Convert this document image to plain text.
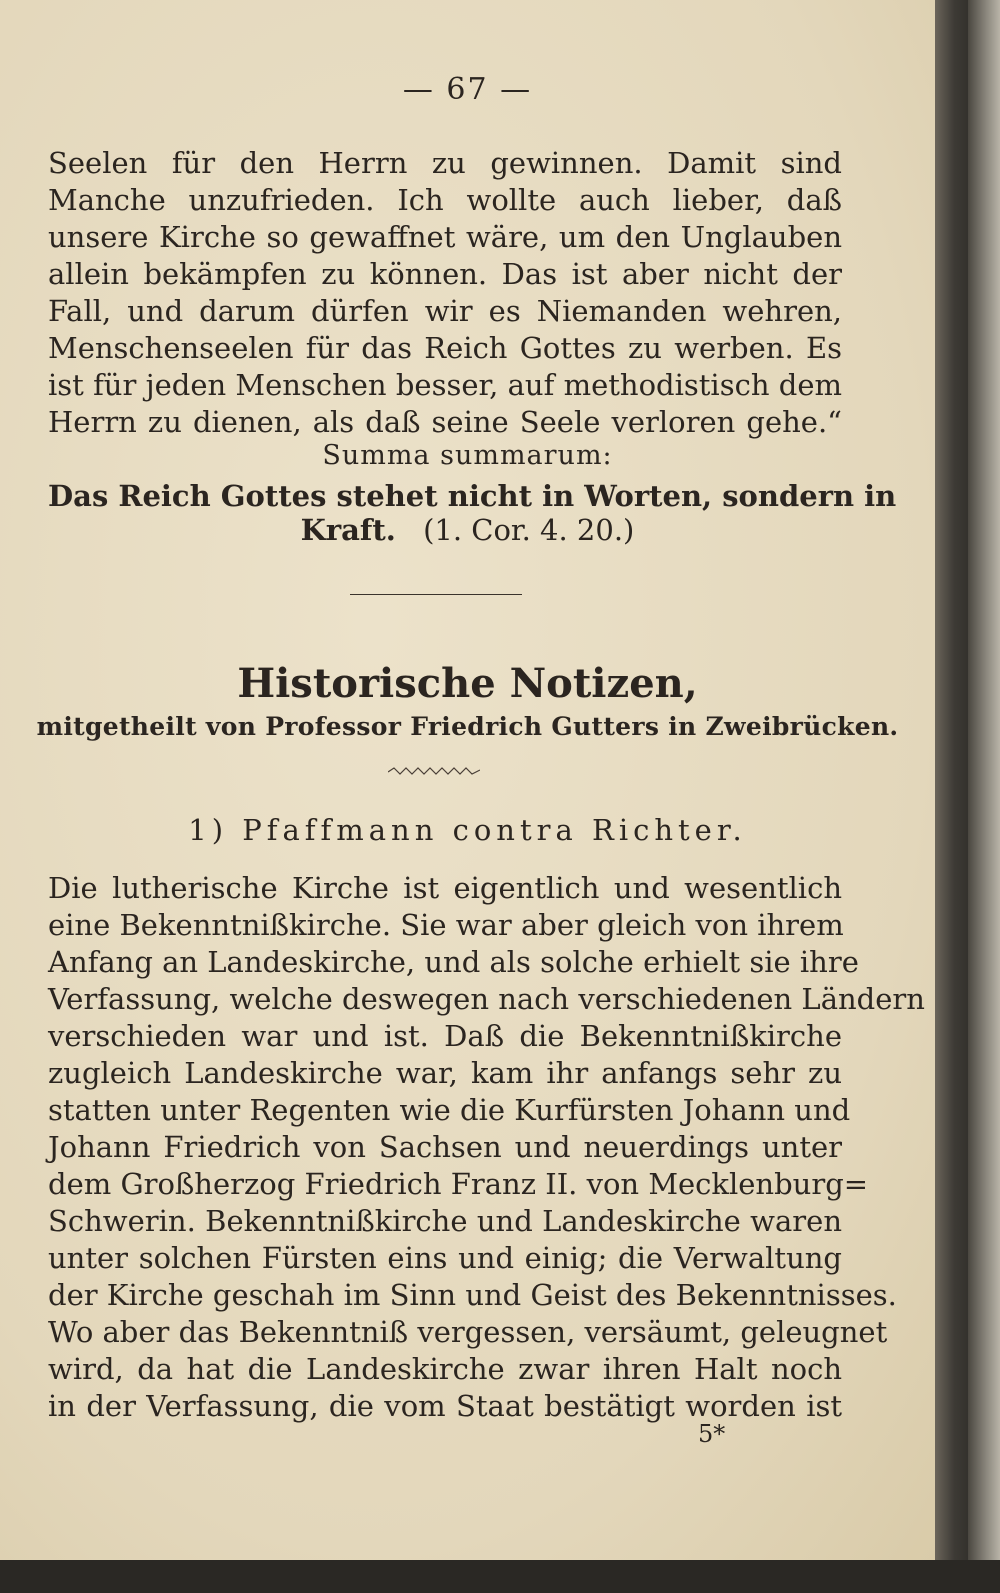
— 67 —
Seelen für den Herrn zu gewinnen. Damit sind
Manche unzufrieden. Ich wollte auch lieber, daß
unsere Kirche so gewaffnet wäre, um den Unglauben
allein bekämpfen zu können. Das ist aber nicht der
Fall, und darum dürfen wir es Niemanden wehren,
Menschenseelen für das Reich Gottes zu werben. Es
ist für jeden Menschen besser, auf methodistisch dem
Herrn zu dienen, als daß seine Seele verloren gehe.“
Summa summarum:
Das Reich Gottes stehet nicht in Worten, sondern in
Kraft. (1. Cor. 4. 20.)
Historische Notizen,
mitgetheilt von Professor Friedrich Gutters in Zweibrücken.
1) Pfaffmann contra Richter.
Die lutherische Kirche ist eigentlich und wesentlich
eine Bekenntnißkirche. Sie war aber gleich von ihrem
Anfang an Landeskirche, und als solche erhielt sie ihre
Verfassung, welche deswegen nach verschiedenen Ländern
verschieden war und ist. Daß die Bekenntnißkirche
zugleich Landeskirche war, kam ihr anfangs sehr zu
statten unter Regenten wie die Kurfürsten Johann und
Johann Friedrich von Sachsen und neuerdings unter
dem Großherzog Friedrich Franz II. von Mecklenburg=
Schwerin. Bekenntnißkirche und Landeskirche waren
unter solchen Fürsten eins und einig; die Verwaltung
der Kirche geschah im Sinn und Geist des Bekenntnisses.
Wo aber das Bekenntniß vergessen, versäumt, geleugnet
wird, da hat die Landeskirche zwar ihren Halt noch
in der Verfassung, die vom Staat bestätigt worden ist
5*
